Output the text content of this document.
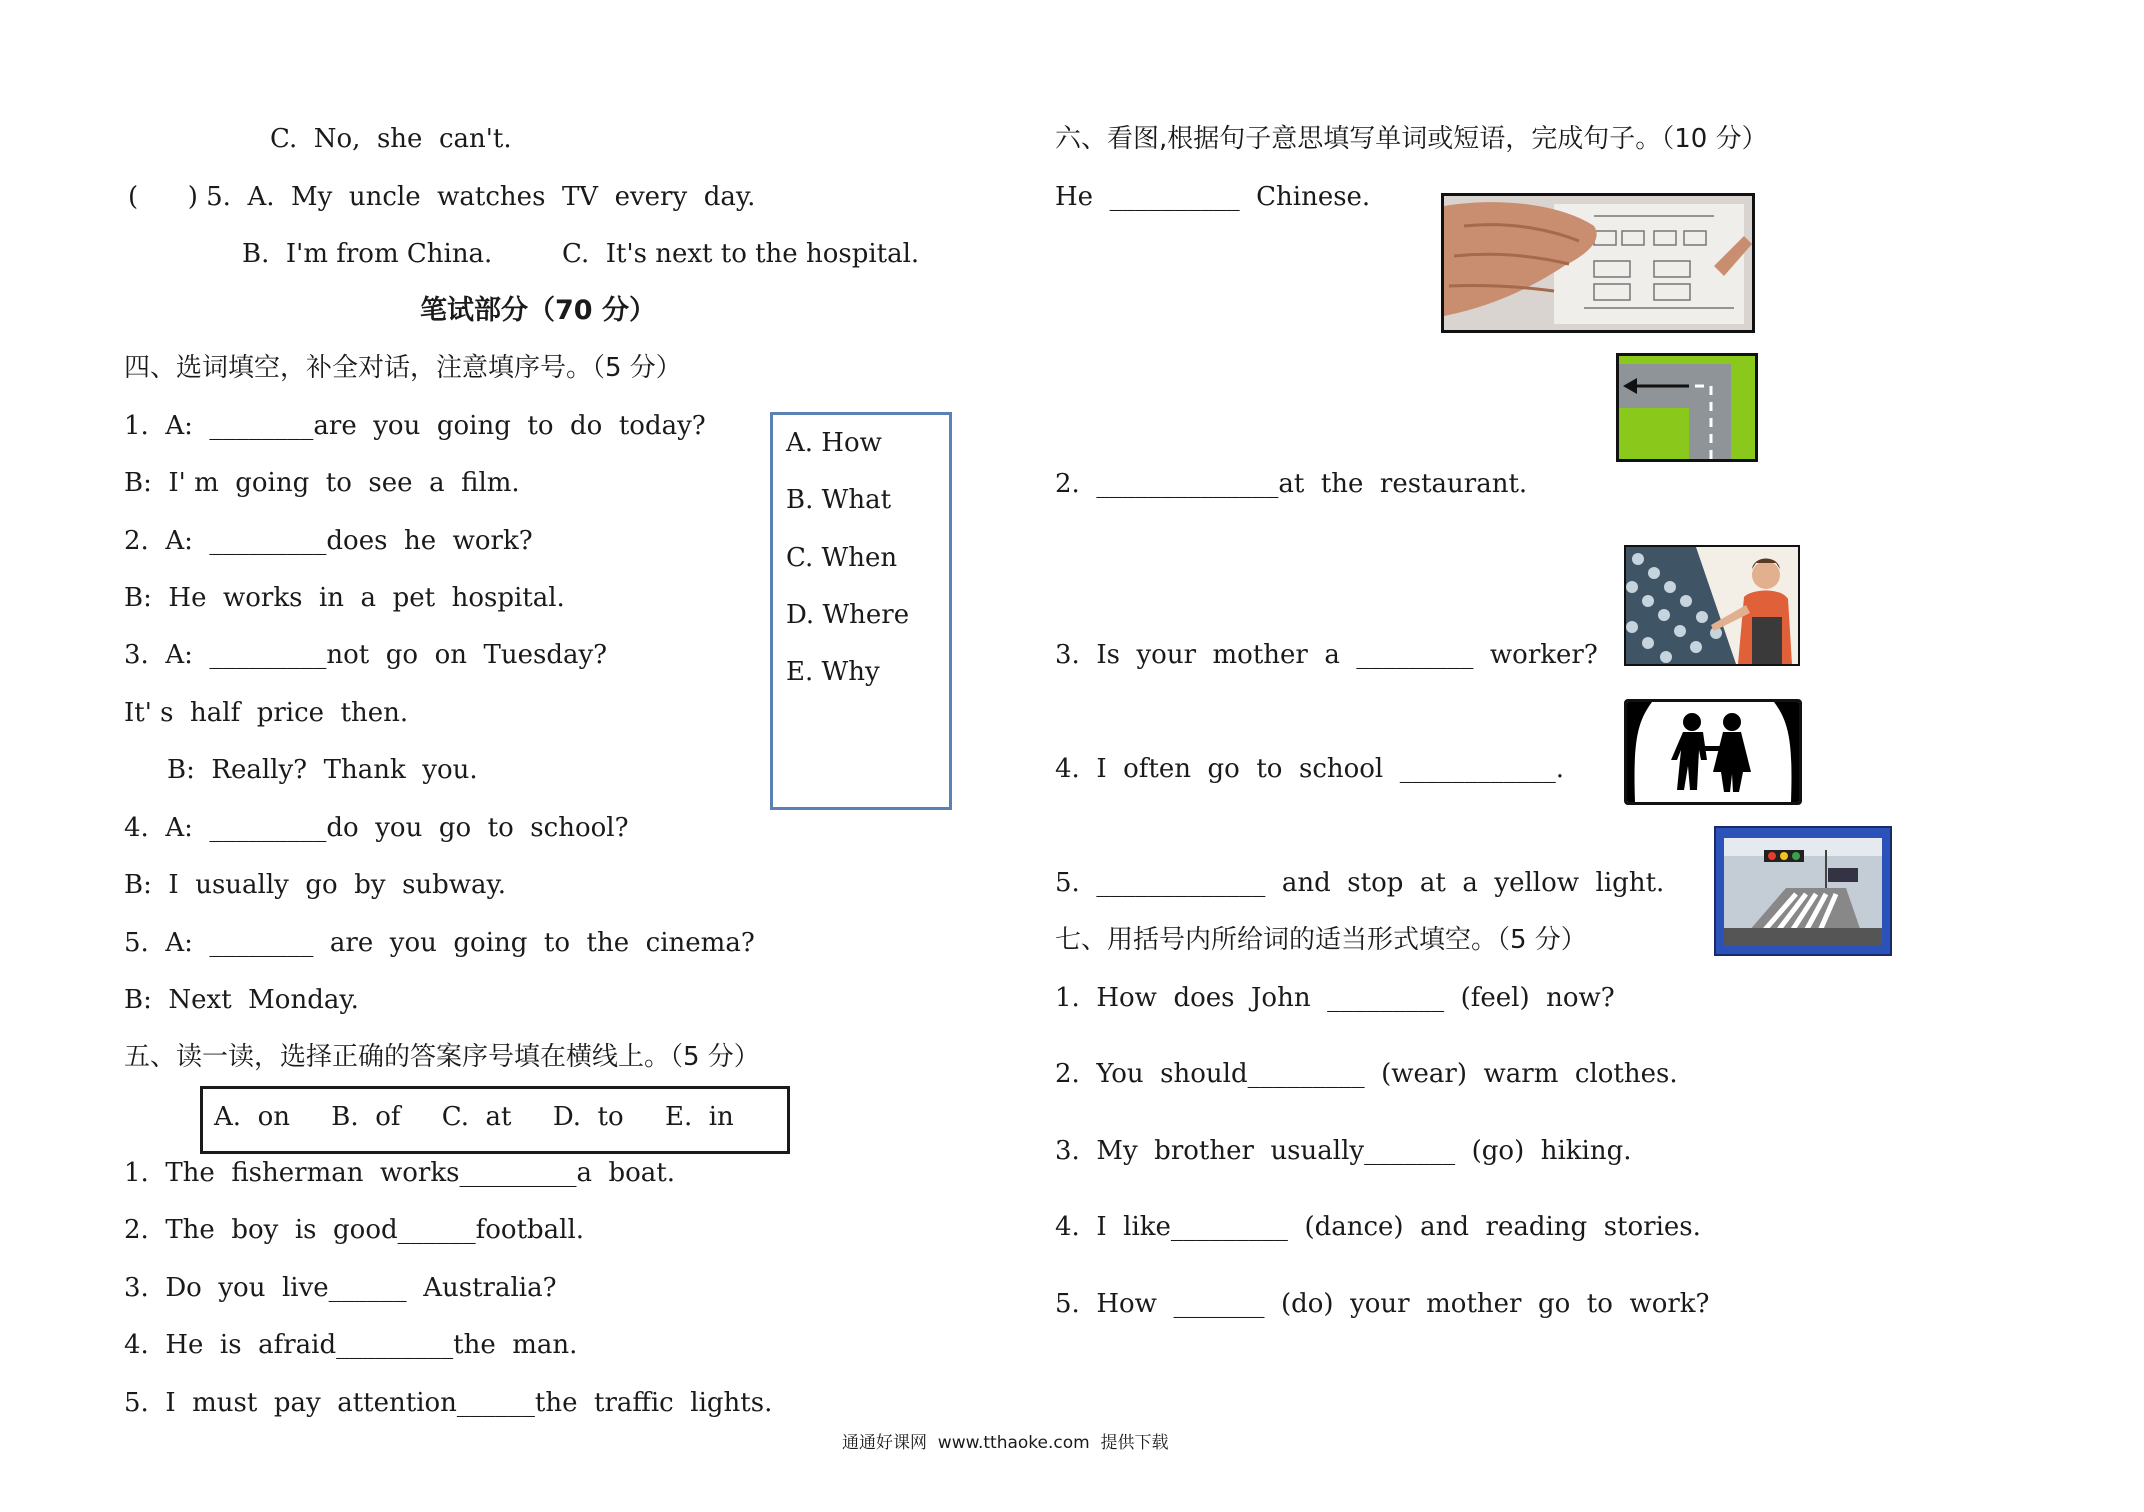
C.  No,  she  can't.
(      ) 5.  A.  My  uncle  watches  TV  every  day.
B.  I'm from China.	C.  It's next to the hospital.
笔试部分（70 分）
四、选词填空，补全对话，注意填序号。（5 分）
1.  A:  ________are  you  going  to  do  today?
B:  I' m  going  to  see  a  film.
2.  A:  _________does  he  work?
B:  He  works  in  a  pet  hospital.
3.  A:  _________not  go  on  Tuesday?
It' s  half  price  then.
B:  Really?  Thank  you.
4.  A:  _________do  you  go  to  school?
B:  I  usually  go  by  subway.
5.  A:  ________  are  you  going  to  the  cinema?
B:  Next  Monday.
A. How
B. What
C. When
D. Where
E. Why
五、读一读，选择正确的答案序号填在横线上。（5 分）
A.  on     B.  of     C.  at     D.  to     E.  in
1.  The  fisherman  works_________a  boat.
2.  The  boy  is  good______football.
3.  Do  you  live______  Australia?
4.  He  is  afraid_________the  man.
5.  I  must  pay  attention______the  traffic  lights.
六、看图,根据句子意思填写单词或短语，完成句子。（10 分）
He  __________  Chinese.
2.  ______________at  the  restaurant.
3.  Is  your  mother  a  _________  worker?
4.  I  often  go  to  school  ____________.
5.  _____________  and  stop  at  a  yellow  light.
七、用括号内所给词的适当形式填空。（5 分）
1.  How  does  John  _________  (feel)  now?
2.  You  should_________  (wear)  warm  clothes.
3.  My  brother  usually_______  (go)  hiking.
4.  I  like_________  (dance)  and  reading  stories.
5.  How  _______  (do)  your  mother  go  to  work?
通通好课网  www.tthaoke.com  提供下载
